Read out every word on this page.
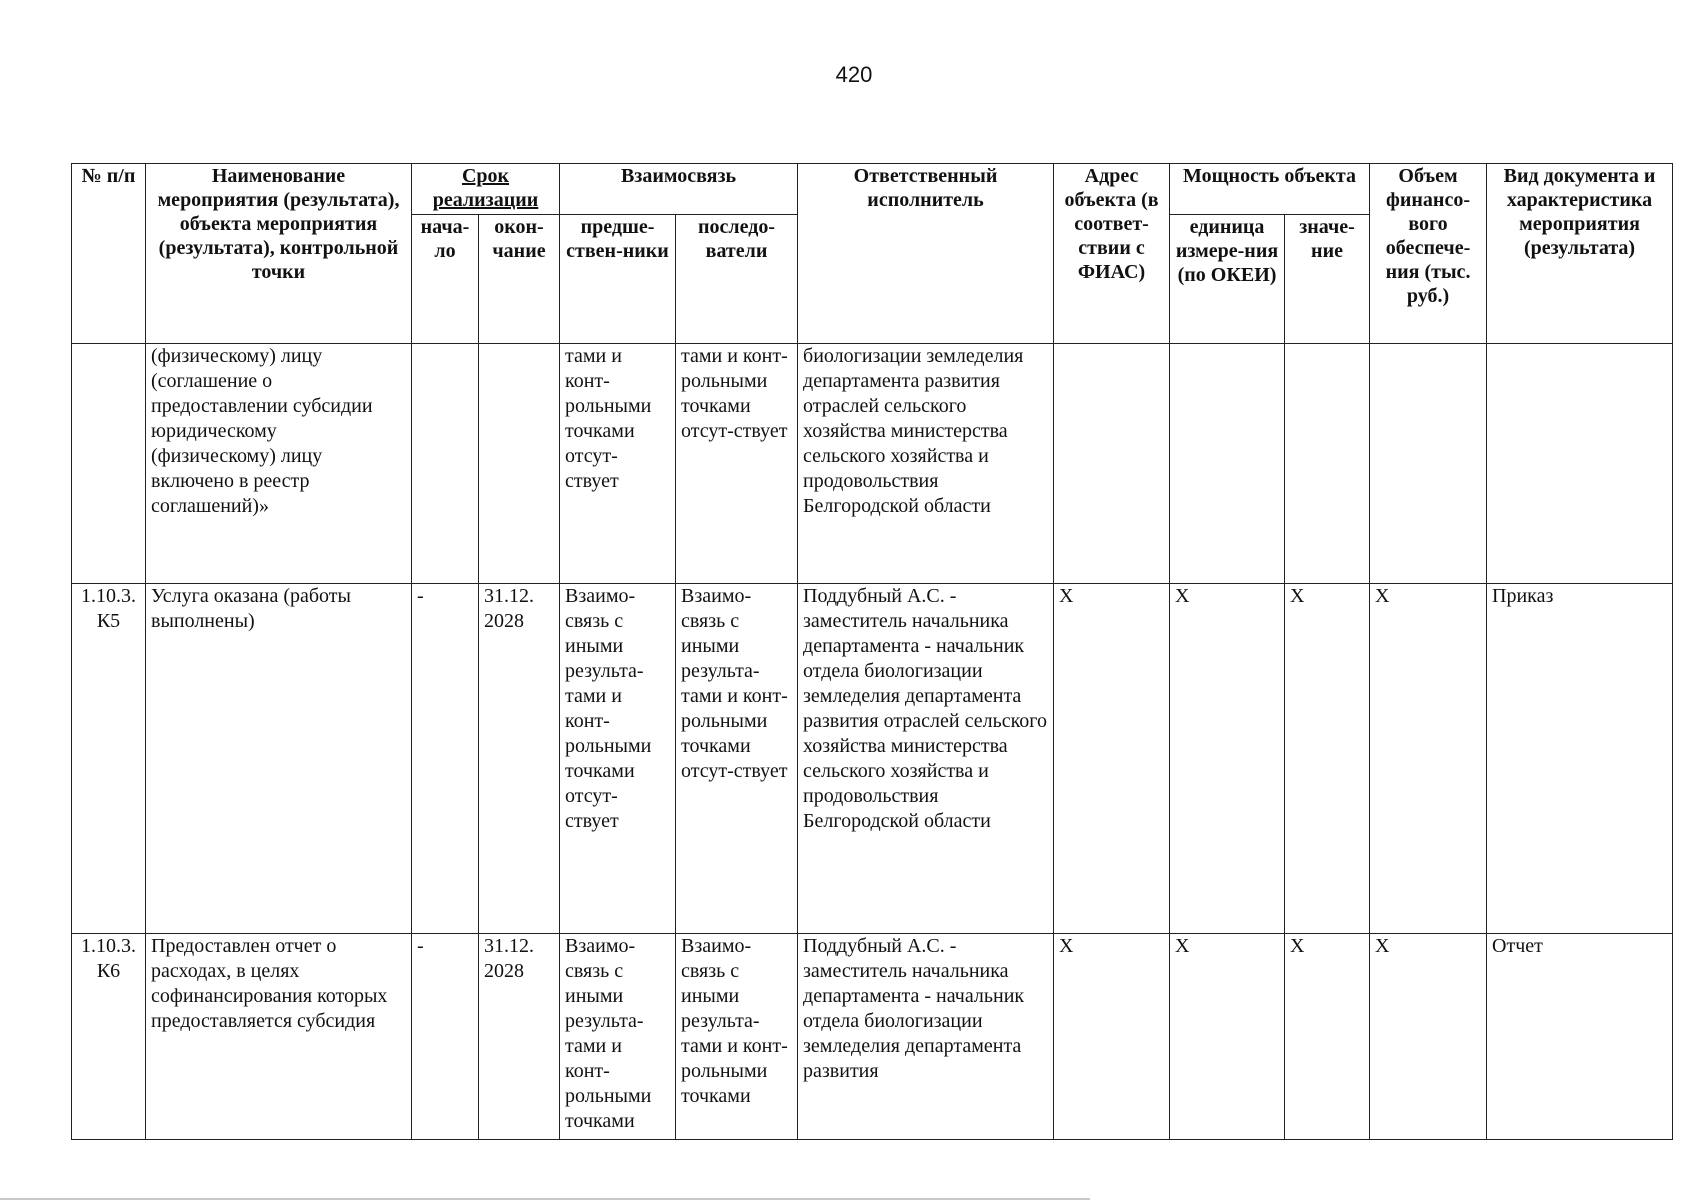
420
№ п/п	Наименование мероприятия (результата), объекта мероприятия (результата), контрольной точки	Срок реализации		Взаимосвязь		Ответственный исполнитель	Адрес объекта (в соответ-ствии с ФИАС)	Мощность объекта		Объем финансо-вого обеспече-ния (тыс. руб.)	Вид документа и характеристика мероприятия (результата)
		нача-ло	окон-чание	предше-ствен-ники	последо-ватели			единица измере-ния (по ОКЕИ)	значе-ние		
	(физическому) лицу (соглашение о предоставлении субсидии юридическому (физическому) лицу включено в реестр соглашений)»			тами и конт-рольными точками отсут-ствует	тами и конт-рольными точками отсут-ствует	биологизации земледелия департамента развития отраслей сельского хозяйства министерства сельского хозяйства и продовольствия Белгородской области					
1.10.3. К5	Услуга оказана (работы выполнены)	-	31.12. 2028	Взаимо-связь с иными результа-тами и конт-рольными точками отсут-ствует	Взаимо-связь с иными результа-тами и конт-рольными точками отсут-ствует	Поддубный А.С. - заместитель начальника департамента - начальник отдела биологизации земледелия департамента развития отраслей сельского хозяйства министерства сельского хозяйства и продовольствия Белгородской области	X	X	X	X	Приказ

1.10.3. К6	Предоставлен отчет о расходах, в целях софинансирования которых предоставляется субсидия	-	31.12. 2028	Взаимо-связь с иными результа-тами и конт-рольными точками	Взаимо-связь с иными результа-тами и конт-рольными точками	Поддубный А.С. - заместитель начальника департамента - начальник отдела биологизации земледелия департамента развития	X	X	X	X	Отчет
